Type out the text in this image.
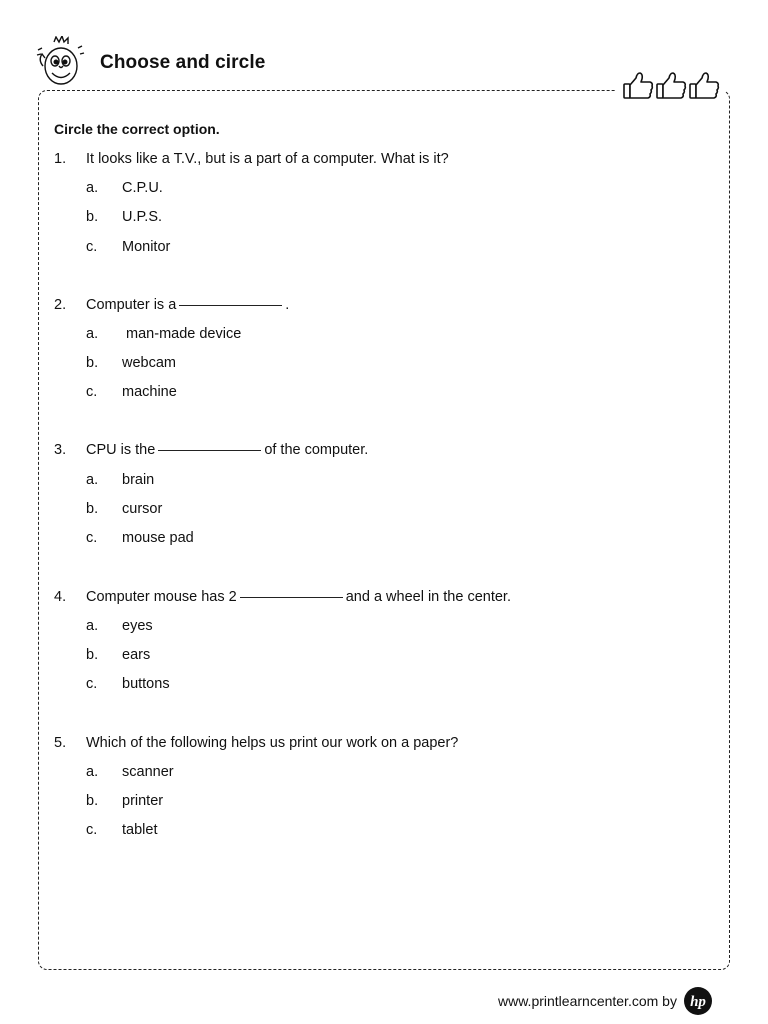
Choose and circle
Circle the correct option.
1. It looks like a T.V., but is a part of a computer. What is it?
a. C.P.U.
b. U.P.S.
c. Monitor
2. Computer is a	.
a. man-made device
b. webcam
c. machine
3. CPU is the	of the computer.
a. brain
b. cursor
c. mouse pad
4. Computer mouse has 2	and a wheel in the center.
a. eyes
b. ears
c. buttons
5. Which of the following helps us print our work on a paper?
a. scanner
b. printer
c. tablet
www.printlearncenter.com by hp
